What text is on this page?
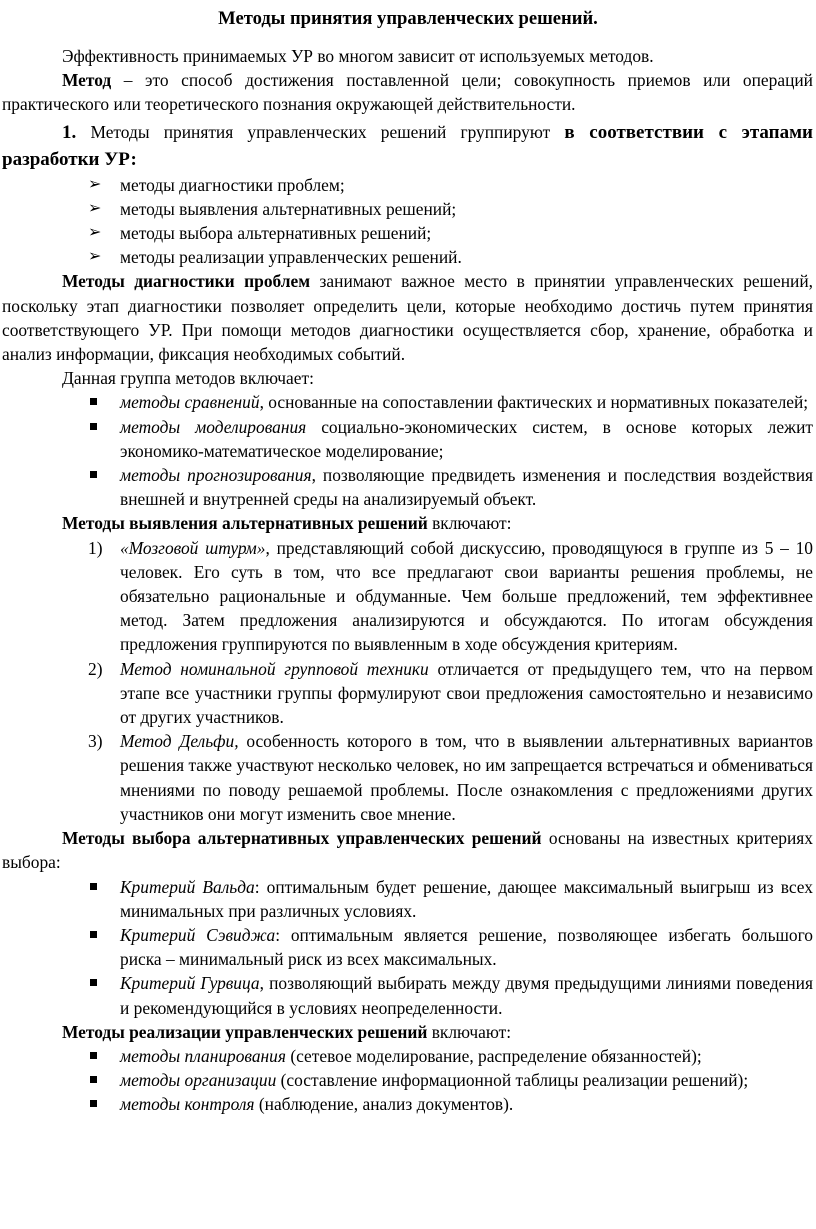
Методы принятия управленческих решений.

Эффективность принимаемых УР во многом зависит от используемых методов.

Метод – это способ достижения поставленной цели; совокупность приемов или операций практического или теоретического познания окружающей действительности.

1. Методы принятия управленческих решений группируют в соответствии с этапами разработки УР:

➢ методы диагностики проблем;
➢ методы выявления альтернативных решений;
➢ методы выбора альтернативных решений;
➢ методы реализации управленческих решений.

Методы диагностики проблем занимают важное место в принятии управленческих решений, поскольку этап диагностики позволяет определить цели, которые необходимо достичь путем принятия соответствующего УР. При помощи методов диагностики осуществляется сбор, хранение, обработка и анализ информации, фиксация необходимых событий.

Данная группа методов включает:

методы сравнений, основанные на сопоставлении фактических и нормативных показателей;
методы моделирования социально-экономических систем, в основе которых лежит экономико-математическое моделирование;
методы прогнозирования, позволяющие предвидеть изменения и последствия воздействия внешней и внутренней среды на анализируемый объект.

Методы выявления альтернативных решений включают:

1) «Мозговой штурм», представляющий собой дискуссию, проводящуюся в группе из 5 – 10 человек. Его суть в том, что все предлагают свои варианты решения проблемы, не обязательно рациональные и обдуманные. Чем больше предложений, тем эффективнее метод. Затем предложения анализируются и обсуждаются. По итогам обсуждения предложения группируются по выявленным в ходе обсуждения критериям.
2) Метод номинальной групповой техники отличается от предыдущего тем, что на первом этапе все участники группы формулируют свои предложения самостоятельно и независимо от других участников.
3) Метод Дельфи, особенность которого в том, что в выявлении альтернативных вариантов решения также участвуют несколько человек, но им запрещается встречаться и обмениваться мнениями по поводу решаемой проблемы. После ознакомления с предложениями других участников они могут изменить свое мнение.

Методы выбора альтернативных управленческих решений основаны на известных критериях выбора:

Критерий Вальда: оптимальным будет решение, дающее максимальный выигрыш из всех минимальных при различных условиях.
Критерий Сэвиджа: оптимальным является решение, позволяющее избегать большого риска – минимальный риск из всех максимальных.
Критерий Гурвица, позволяющий выбирать между двумя предыдущими линиями поведения и рекомендующийся в условиях неопределенности.

Методы реализации управленческих решений включают:

методы планирования (сетевое моделирование, распределение обязанностей);
методы организации (составление информационной таблицы реализации решений);
методы контроля (наблюдение, анализ документов).
